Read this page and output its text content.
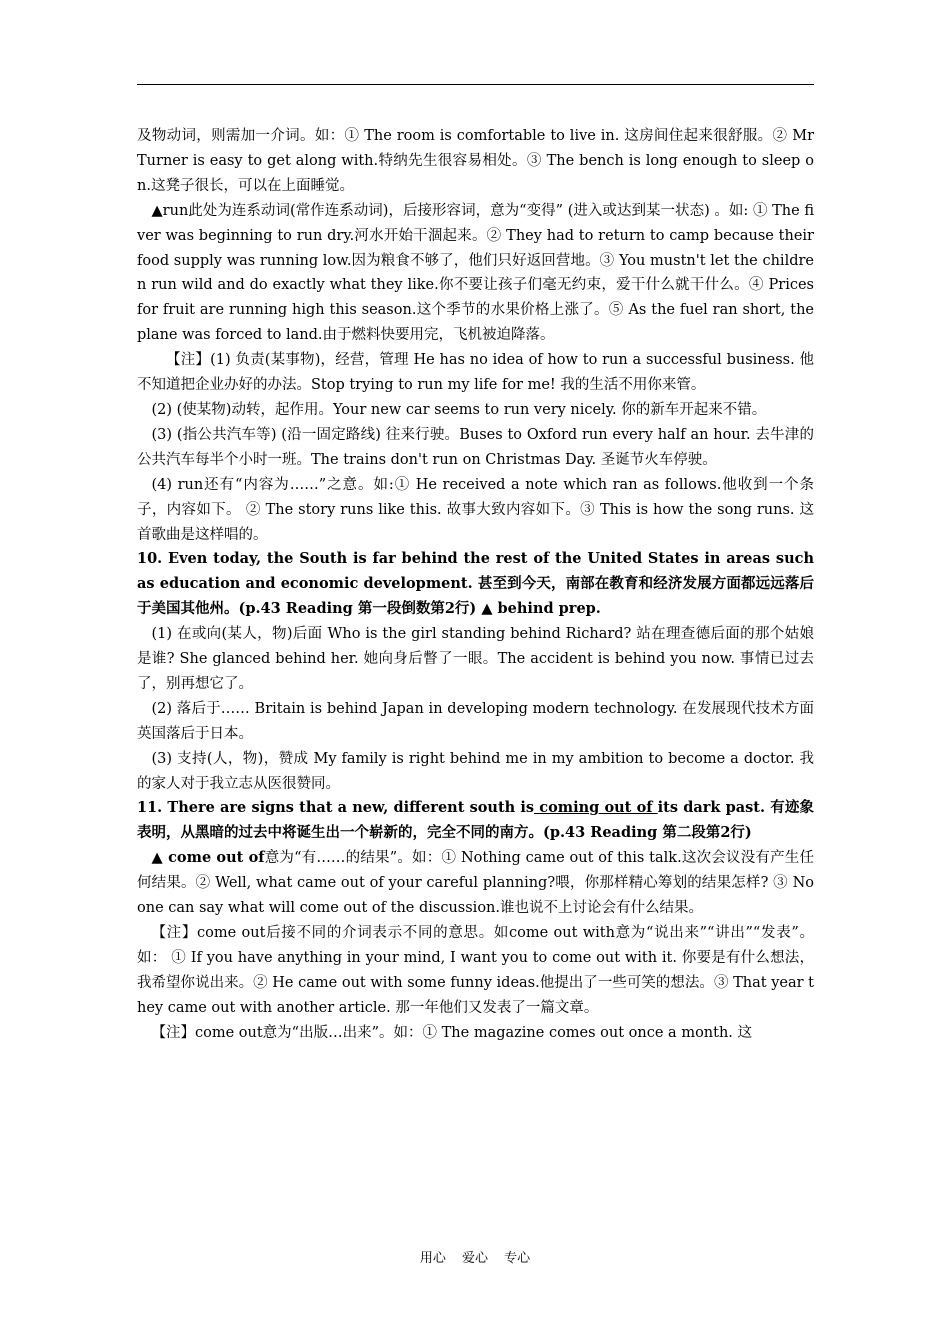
及物动词，则需加一介词。如：① The room is comfortable to live in. 这房间住起来很舒服。② Mr Turner is easy to get along with.特纳先生很容易相处。③ The bench is long enough to sleep on.这凳子很长，可以在上面睡觉。

▲run此处为连系动词(常作连系动词)，后接形容词，意为“变得” (进入或达到某一状态) 。如: ① The fiver was beginning to run dry.河水开始干涸起来。② They had to return to camp because their food supply was running low.因为粮食不够了，他们只好返回营地。③ You mustn't let the children run wild and do exactly what they like.你不要让孩子们毫无约束，爱干什么就干什么。④ Prices for fruit are running high this season.这个季节的水果价格上涨了。⑤ As the fuel ran short, the plane was forced to land.由于燃料快要用完，飞机被迫降落。

【注】(1) 负责(某事物)，经营，管理 He has no idea of how to run a successful business. 他不知道把企业办好的办法。Stop trying to run my life for me! 我的生活不用你来管。

(2) (使某物)动转，起作用。Your new car seems to run very nicely. 你的新车开起来不错。

(3) (指公共汽车等) (沿一固定路线) 往来行驶。Buses to Oxford run every half an hour. 去牛津的公共汽车每半个小时一班。The trains don't run on Christmas Day. 圣诞节火车停驶。

(4) run还有“内容为……”之意。如:① He received a note which ran as follows.他收到一个条子，内容如下。 ② The story runs like this. 故事大致内容如下。③ This is how the song runs. 这首歌曲是这样唱的。

10. Even today, the South is far behind the rest of the United States in areas such as education and economic development. 甚至到今天，南部在教育和经济发展方面都远远落后于美国其他州。(p.43 Reading 第一段倒数第2行) ▲ behind prep.

(1) 在或向(某人，物)后面 Who is the girl standing behind Richard? 站在理查德后面的那个姑娘是谁? She glanced behind her. 她向身后瞥了一眼。The accident is behind you now. 事情已过去了，别再想它了。

(2) 落后于…… Britain is behind Japan in developing modern technology. 在发展现代技术方面英国落后于日本。

(3) 支持(人，物)，赞成 My family is right behind me in my ambition to become a doctor. 我的家人对于我立志从医很赞同。

11. There are signs that a new, different south is coming out of its dark past. 有迹象表明，从黑暗的过去中将诞生出一个崭新的，完全不同的南方。(p.43 Reading 第二段第2行)

▲ come out of意为“有……的结果”。如：① Nothing came out of this talk.这次会议没有产生任何结果。② Well, what came out of your careful planning?喂，你那样精心筹划的结果怎样? ③ No one can say what will come out of the discussion.谁也说不上讨论会有什么结果。

【注】come out后接不同的介词表示不同的意思。如come out with意为“说出来”“讲出”“发表”。如： ① If you have anything in your mind, I want you to come out with it. 你要是有什么想法，我希望你说出来。② He came out with some funny ideas.他提出了一些可笑的想法。③ That year they came out with another article. 那一年他们又发表了一篇文章。

【注】come out意为“出版…出来”。如：① The magazine comes out once a month. 这

用心 爱心 专心
